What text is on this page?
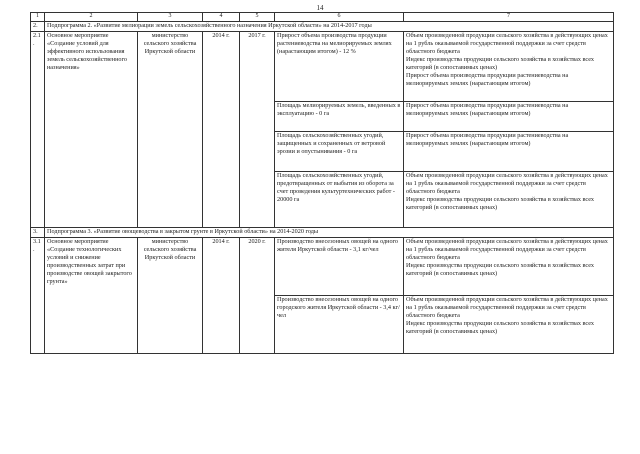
14
1	2	3	4	5	6	7
2.	Подпрограмма 2. «Развитие мелиорации земель сельскохозяйственного назначения Иркутской области» на 2014-2017 годы					
2.1.	Основное мероприятие «Создание условий для эффективного использования земель сельскохозяйственного назначения»	министерство сельского хозяйства Иркутской области	2014 г.	2017 г.	Прирост объема производства продукции растениеводства на мелиорируемых землях (нарастающим итогом) - 12 %	Объем произведенной продукции сельского хозяйства в действующих ценах на 1 рубль оказываемой государственной поддержки за счет средств областного бюджета
Индекс производства продукции сельского хозяйства в хозяйствах всех категорий (в сопоставимых ценах)
Прирост объема производства продукции растениеводства на мелиорируемых землях (нарастающим итогом)

					Площадь мелиорируемых земель, введенных в эксплуатацию - 0 га	Прирост объема производства продукции растениеводства на мелиорируемых землях (нарастающим итогом)

					Площадь сельскохозяйственных угодий, защищенных и сохраненных от ветровой эрозии и опустынивания - 0 га	Прирост объема производства продукции растениеводства на мелиорируемых землях (нарастающим итогом)

					Площадь сельскохозяйственных угодий, предотвращенных от выбытия из оборота за счет проведения культуртехнических работ - 20000 га	Объем произведенной продукции сельского хозяйства в действующих ценах на 1 рубль оказываемой государственной поддержки за счет средств областного бюджета
Индекс производства продукции сельского хозяйства в хозяйствах всех категорий (в сопоставимых ценах)

3.	Подпрограмма 3. «Развитие овощеводства в закрытом грунте в Иркутской области» на 2014-2020 годы					
3.1.	Основное мероприятие «Создание технологических условий и снижение производственных затрат при производстве овощей закрытого грунта»	министерство сельского хозяйства Иркутской области	2014 г.	2020 г.	Производство внесезонных овощей на одного жителя Иркутской области - 3,1 кг/чел	Объем произведенной продукции сельского хозяйства в действующих ценах на 1 рубль оказываемой государственной поддержки за счет средств областного бюджета
Индекс производства продукции сельского хозяйства в хозяйствах всех категорий (в сопоставимых ценах)

					Производство внесезонных овощей на одного городского жителя Иркутской области - 3,4 кг/чел	Объем произведенной продукции сельского хозяйства в действующих ценах на 1 рубль оказываемой государственной поддержки за счет средств областного бюджета
Индекс производства продукции сельского хозяйства в хозяйствах всех категорий (в сопоставимых ценах)
